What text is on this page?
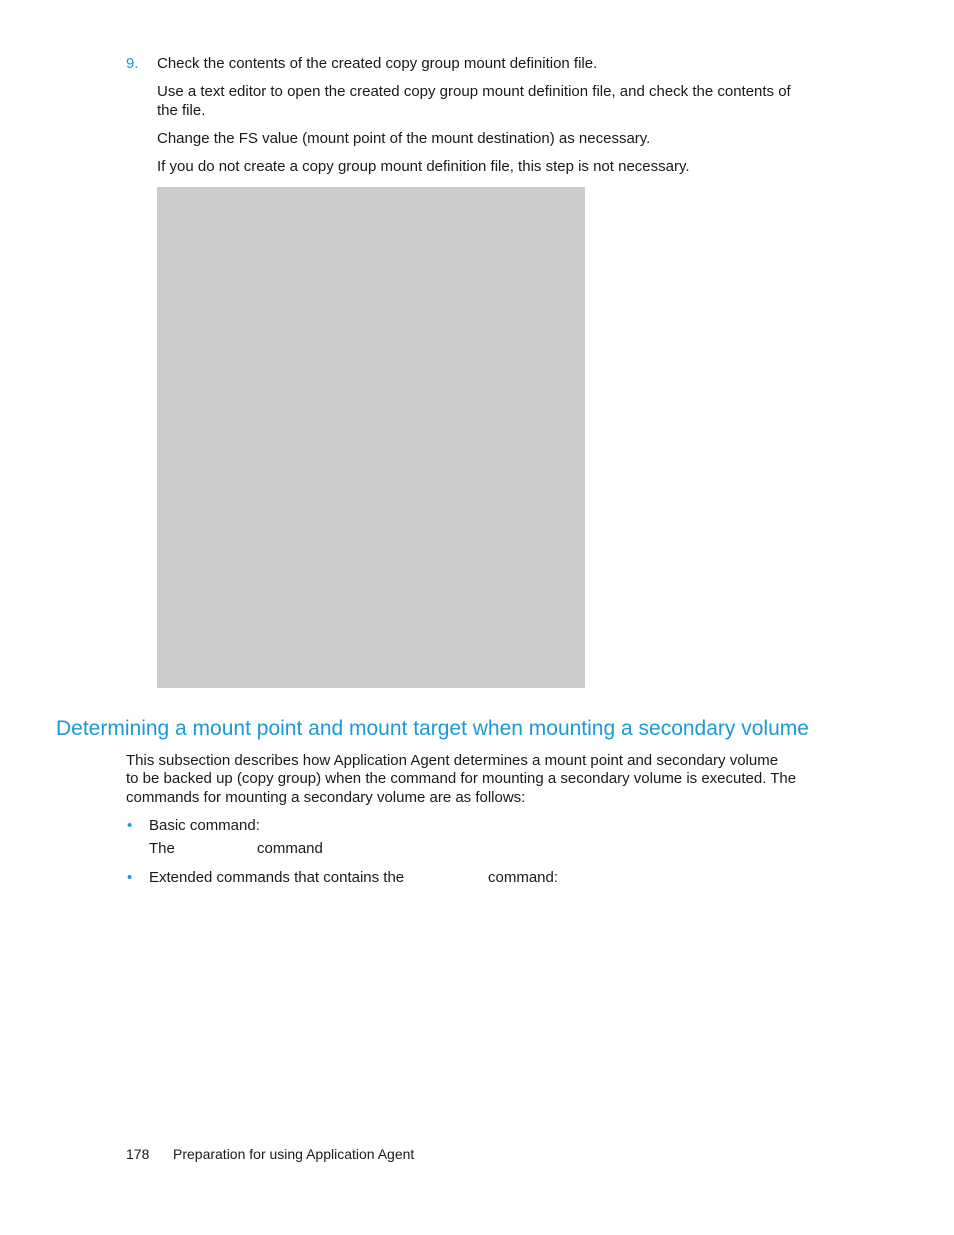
9. Check the contents of the created copy group mount definition file.
Use a text editor to open the created copy group mount definition file, and check the contents of
the file.
Change the FS value (mount point of the mount destination) as necessary.
If you do not create a copy group mount definition file, this step is not necessary.
Determining a mount point and mount target when mounting a secondary volume
This subsection describes how Application Agent determines a mount point and secondary volume
to be backed up (copy group) when the command for mounting a secondary volume is executed. The
commands for mounting a secondary volume are as follows:
• Basic command:
The	command
• Extended commands that contains the	command:
178 Preparation for using Application Agent
